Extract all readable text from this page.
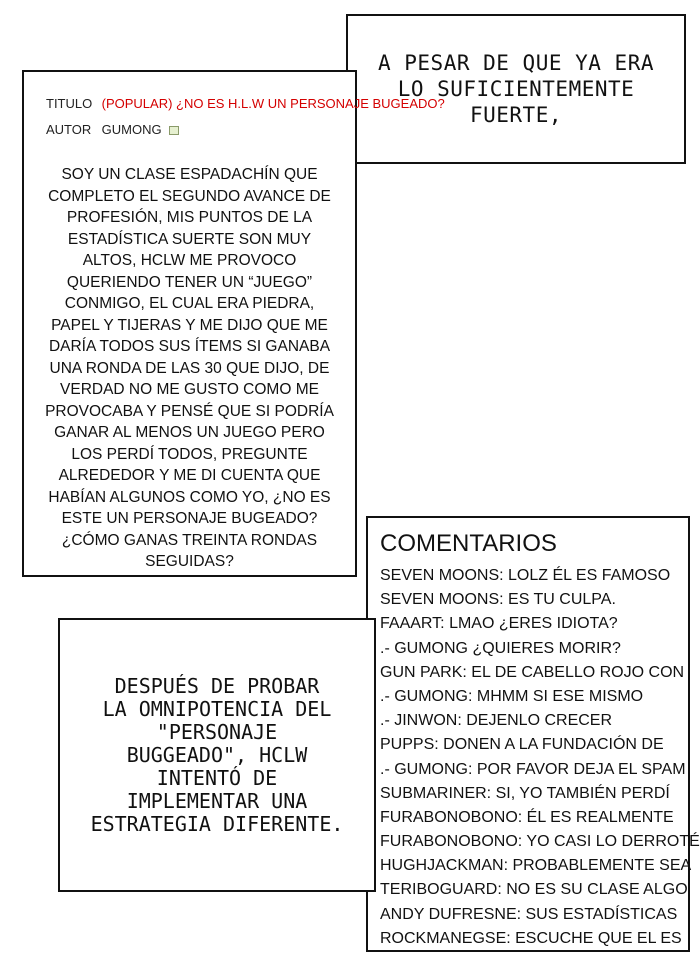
A PESAR DE QUE YA ERA
LO SUFICIENTEMENTE
FUERTE,
TITULO (POPULAR) ¿NO ES H.L.W UN PERSONAJE BUGEADO?
AUTOR GUMONG
SOY UN CLASE ESPADACHÍN QUE
COMPLETO EL SEGUNDO AVANCE DE
PROFESIÓN, MIS PUNTOS DE LA
ESTADÍSTICA SUERTE SON MUY
ALTOS, HCLW ME PROVOCO
QUERIENDO TENER UN “JUEGO”
CONMIGO, EL CUAL ERA PIEDRA,
PAPEL Y TIJERAS Y ME DIJO QUE ME
DARÍA TODOS SUS ÍTEMS SI GANABA
UNA RONDA DE LAS 30 QUE DIJO, DE
VERDAD NO ME GUSTO COMO ME
PROVOCABA Y PENSÉ QUE SI PODRÍA
GANAR AL MENOS UN JUEGO PERO
LOS PERDÍ TODOS, PREGUNTE
ALREDEDOR Y ME DI CUENTA QUE
HABÍAN ALGUNOS COMO YO, ¿NO ES
ESTE UN PERSONAJE BUGEADO?
¿CÓMO GANAS TREINTA RONDAS
SEGUIDAS?
COMENTARIOS
SEVEN MOONS: LOLZ ÉL ES FAMOSO
SEVEN MOONS: ES TU CULPA.
FAAART: LMAO ¿ERES IDIOTA?
.- GUMONG ¿QUIERES MORIR?
GUN PARK: EL DE CABELLO ROJO CON
.- GUMONG: MHMM SI ESE MISMO
.- JINWON: DEJENLO CRECER
PUPPS: DONEN A LA FUNDACIÓN DE
.- GUMONG: POR FAVOR DEJA EL SPAM
SUBMARINER: SI, YO TAMBIÉN PERDÍ
FURABONOBONO: ÉL ES REALMENTE
FURABONOBONO: YO CASI LO DERROTÉ
HUGHJACKMAN: PROBABLEMENTE SEA
TERIBOGUARD: NO ES SU CLASE ALGO
ANDY DUFRESNE: SUS ESTADÍSTICAS
ROCKMANEGSE: ESCUCHE QUE EL ES
DESPUÉS DE PROBAR
LA OMNIPOTENCIA DEL
"PERSONAJE
BUGGEADO", HCLW
INTENTÓ DE
IMPLEMENTAR UNA
ESTRATEGIA DIFERENTE.
